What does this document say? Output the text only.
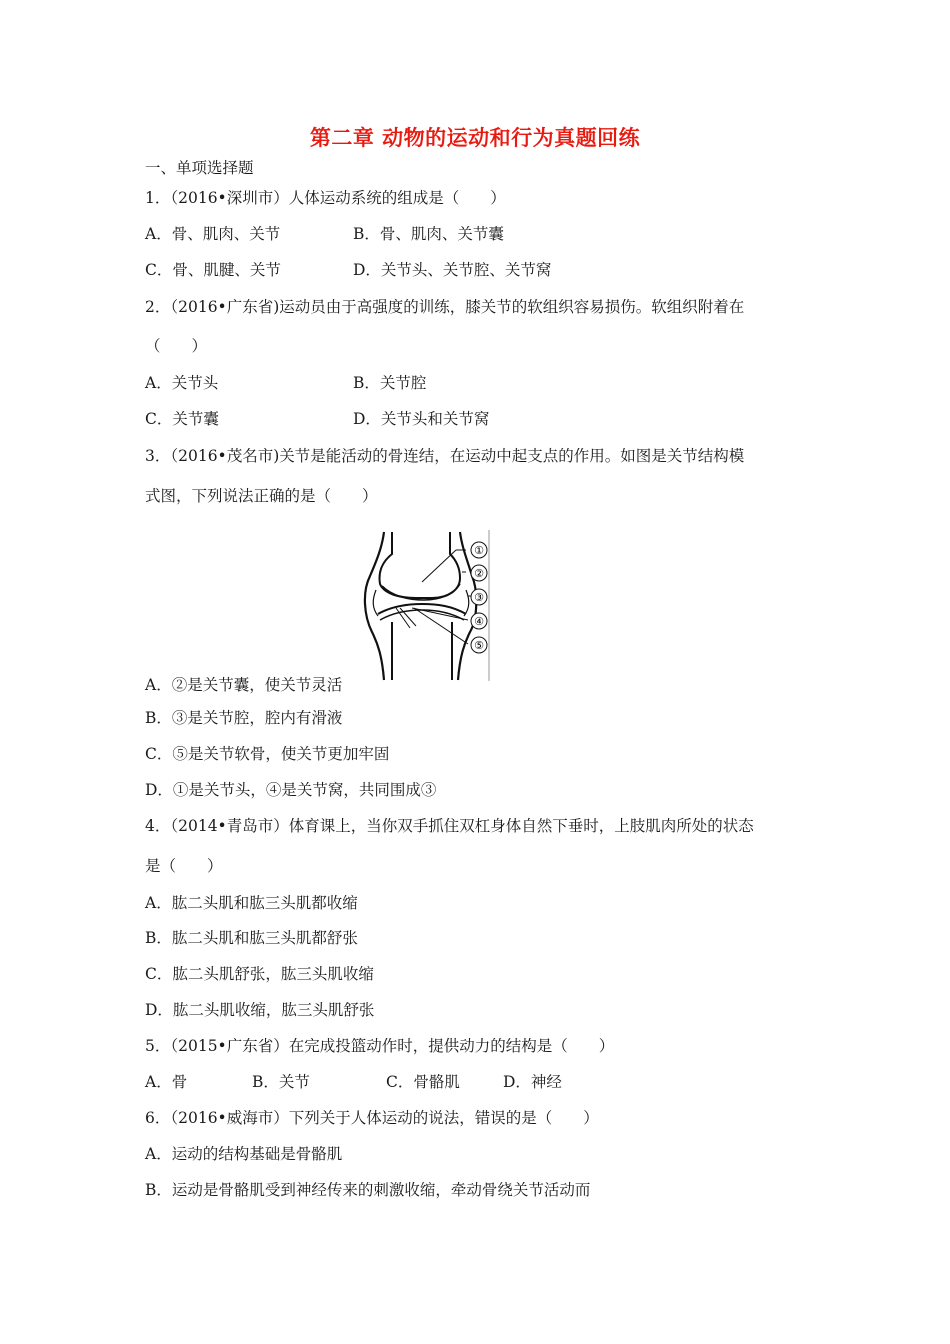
第二章 动物的运动和行为真题回练
一、单项选择题
1．（2016•深圳市）人体运动系统的组成是（　　）
A．骨、肌肉、关节	B．骨、肌肉、关节囊
C．骨、肌腱、关节	D．关节头、关节腔、关节窝
2．（2016•广东省)运动员由于高强度的训练，膝关节的软组织容易损伤。软组织附着在
（　　）
A．关节头	B．关节腔
C．关节囊	D．关节头和关节窝
3．（2016•茂名市)关节是能活动的骨连结，在运动中起支点的作用。如图是关节结构模
式图，下列说法正确的是（　　）
①
②
③
④
⑤
A．②是关节囊，使关节灵活
B．③是关节腔，腔内有滑液
C．⑤是关节软骨，使关节更加牢固
D．①是关节头，④是关节窝，共同围成③
4．（2014•青岛市）体育课上，当你双手抓住双杠身体自然下垂时，上肢肌肉所处的状态
是（　　）
A．肱二头肌和肱三头肌都收缩
B．肱二头肌和肱三头肌都舒张
C．肱二头肌舒张，肱三头肌收缩
D．肱二头肌收缩，肱三头肌舒张
5．（2015•广东省）在完成投篮动作时，提供动力的结构是（　　）
A．骨	B．关节	C．骨骼肌	D．神经
6．（2016•威海市）下列关于人体运动的说法，错误的是（　　）
A．运动的结构基础是骨骼肌
B．运动是骨骼肌受到神经传来的刺激收缩，牵动骨绕关节活动而
